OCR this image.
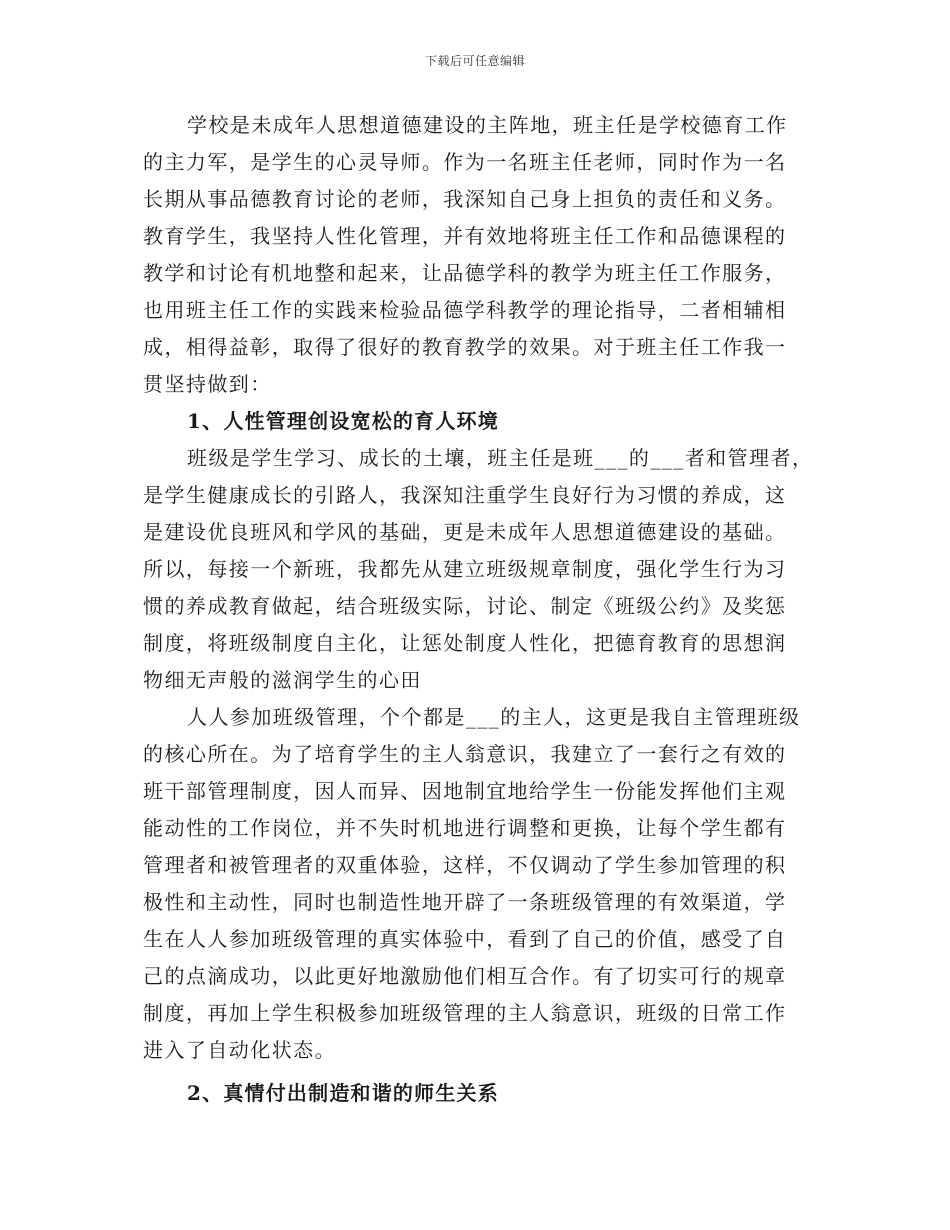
下载后可任意编辑
学校是未成年人思想道德建设的主阵地，班主任是学校德育工作
的主力军，是学生的心灵导师。作为一名班主任老师，同时作为一名
长期从事品德教育讨论的老师，我深知自己身上担负的责任和义务。
教育学生，我坚持人性化管理，并有效地将班主任工作和品德课程的
教学和讨论有机地整和起来，让品德学科的教学为班主任工作服务，
也用班主任工作的实践来检验品德学科教学的理论指导，二者相辅相
成，相得益彰，取得了很好的教育教学的效果。对于班主任工作我一
贯坚持做到：
1、人性管理创设宽松的育人环境
班级是学生学习、成长的土壤，班主任是班___的___者和管理者，
是学生健康成长的引路人，我深知注重学生良好行为习惯的养成，这
是建设优良班风和学风的基础，更是未成年人思想道德建设的基础。
所以，每接一个新班，我都先从建立班级规章制度，强化学生行为习
惯的养成教育做起，结合班级实际，讨论、制定《班级公约》及奖惩
制度，将班级制度自主化，让惩处制度人性化，把德育教育的思想润
物细无声般的滋润学生的心田
人人参加班级管理，个个都是___的主人，这更是我自主管理班级
的核心所在。为了培育学生的主人翁意识，我建立了一套行之有效的
班干部管理制度，因人而异、因地制宜地给学生一份能发挥他们主观
能动性的工作岗位，并不失时机地进行调整和更换，让每个学生都有
管理者和被管理者的双重体验，这样，不仅调动了学生参加管理的积
极性和主动性，同时也制造性地开辟了一条班级管理的有效渠道，学
生在人人参加班级管理的真实体验中，看到了自己的价值，感受了自
己的点滴成功，以此更好地激励他们相互合作。有了切实可行的规章
制度，再加上学生积极参加班级管理的主人翁意识，班级的日常工作
进入了自动化状态。
2、真情付出制造和谐的师生关系
